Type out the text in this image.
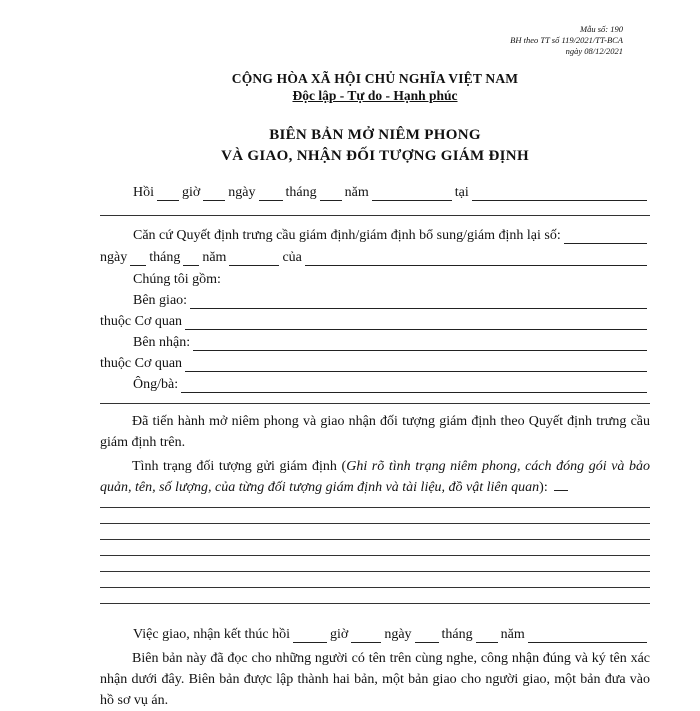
Mẫu số: 190
BH theo TT số 119/2021/TT-BCA
ngày 08/12/2021
CỘNG HÒA XÃ HỘI CHỦ NGHĨA VIỆT NAM
Độc lập - Tự do - Hạnh phúc
BIÊN BẢN MỞ NIÊM PHONG
VÀ GIAO, NHẬN ĐỐI TƯỢNG GIÁM ĐỊNH
Hồi giờ ngày tháng năm	tại
Căn cứ Quyết định trưng cầu giám định/giám định bổ sung/giám định lại số:
ngày tháng năm	của
Chúng tôi gồm:
Bên giao:
thuộc Cơ quan
Bên nhận:
thuộc Cơ quan
Ông/bà:
Đã tiến hành mở niêm phong và giao nhận đối tượng giám định theo Quyết định trưng cầu giám định trên.
Tình trạng đối tượng gửi giám định (Ghi rõ tình trạng niêm phong, cách đóng gói và bảo quản, tên, số lượng, của từng đối tượng giám định và tài liệu, đồ vật liên quan):
Việc giao, nhận kết thúc hồi	giờ	ngày tháng năm
Biên bản này đã đọc cho những người có tên trên cùng nghe, công nhận đúng và ký tên xác nhận dưới đây. Biên bản được lập thành hai bản, một bản giao cho người giao, một bản đưa vào hồ sơ vụ án.
